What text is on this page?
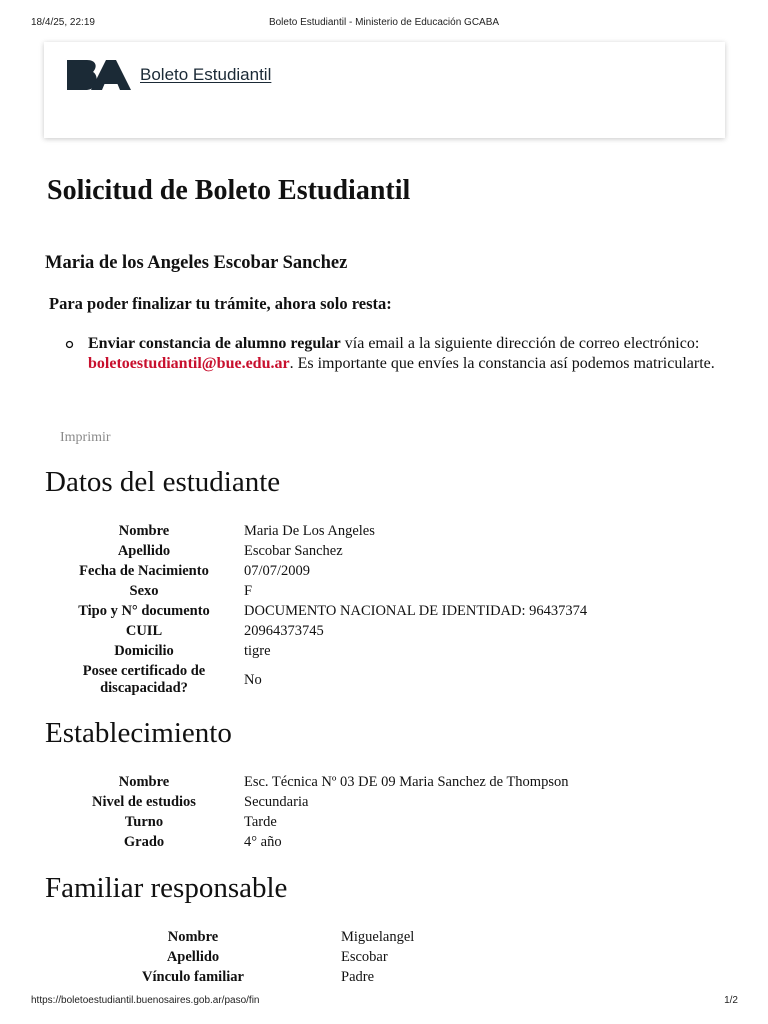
18/4/25, 22:19	Boleto Estudiantil - Ministerio de Educación GCABA
Boleto Estudiantil
Solicitud de Boleto Estudiantil
Maria de los Angeles Escobar Sanchez

Para poder finalizar tu trámite, ahora solo resta:

Enviar constancia de alumno regular vía email a la siguiente dirección de correo electrónico: boletoestudiantil@bue.edu.ar. Es importante que envíes la constancia así podemos matricularte.

Imprimir
Datos del estudiante
Nombre	Maria De Los Angeles
Apellido	Escobar Sanchez
Fecha de Nacimiento	07/07/2009
Sexo	F
Tipo y N° documento	DOCUMENTO NACIONAL DE IDENTIDAD: 96437374
CUIL	20964373745
Domicilio	tigre
Posee certificado de discapacidad?	No
Establecimiento
Nombre	Esc. Técnica Nº 03 DE 09 Maria Sanchez de Thompson
Nivel de estudios	Secundaria
Turno	Tarde
Grado	4° año
Familiar responsable
Nombre	Miguelangel
Apellido	Escobar
Vínculo familiar	Padre
https://boletoestudiantil.buenosaires.gob.ar/paso/fin	1/2
